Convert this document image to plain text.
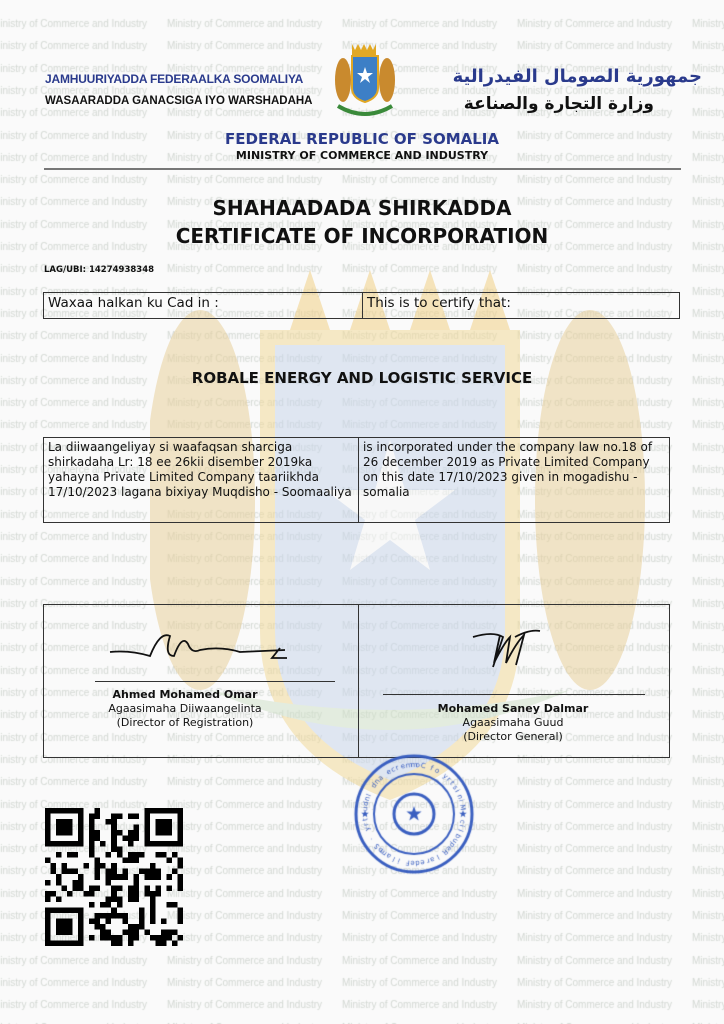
JAMHUURIYADDA FEDERAALKA SOOMALIYA
WASAARADDA GANACSIGA IYO WARSHADAHA
جمهورية الصومال الفيدرالية
وزارة التجارة والصناعة
FEDERAL REPUBLIC OF SOMALIA
MINISTRY OF COMMERCE AND INDUSTRY
SHAHAADADA SHIRKADDA
CERTIFICATE OF INCORPORATION
LAG/UBI: 14274938348
Waxaa halkan ku Cad in :	This is to certify that:
ROBALE ENERGY AND LOGISTIC SERVICE
La diiwaangeliyay si waafaqsan sharciga shirkadaha Lr: 18 ee 26kii disember 2019ka yahayna Private Limited Company taariikhda 17/10/2023 lagana bixiyay Muqdisho - Soomaaliya	is incorporated under the company law no.18 of 26 december 2019 as Private Limited Company on this date 17/10/2023 given in mogadishu - somalia
Ahmed Mohamed Omar
Agaasimaha Diiwaangelinta
(Director of Registration)
Mohamed Saney Dalmar
Agaasimaha Guud
(Director General)
